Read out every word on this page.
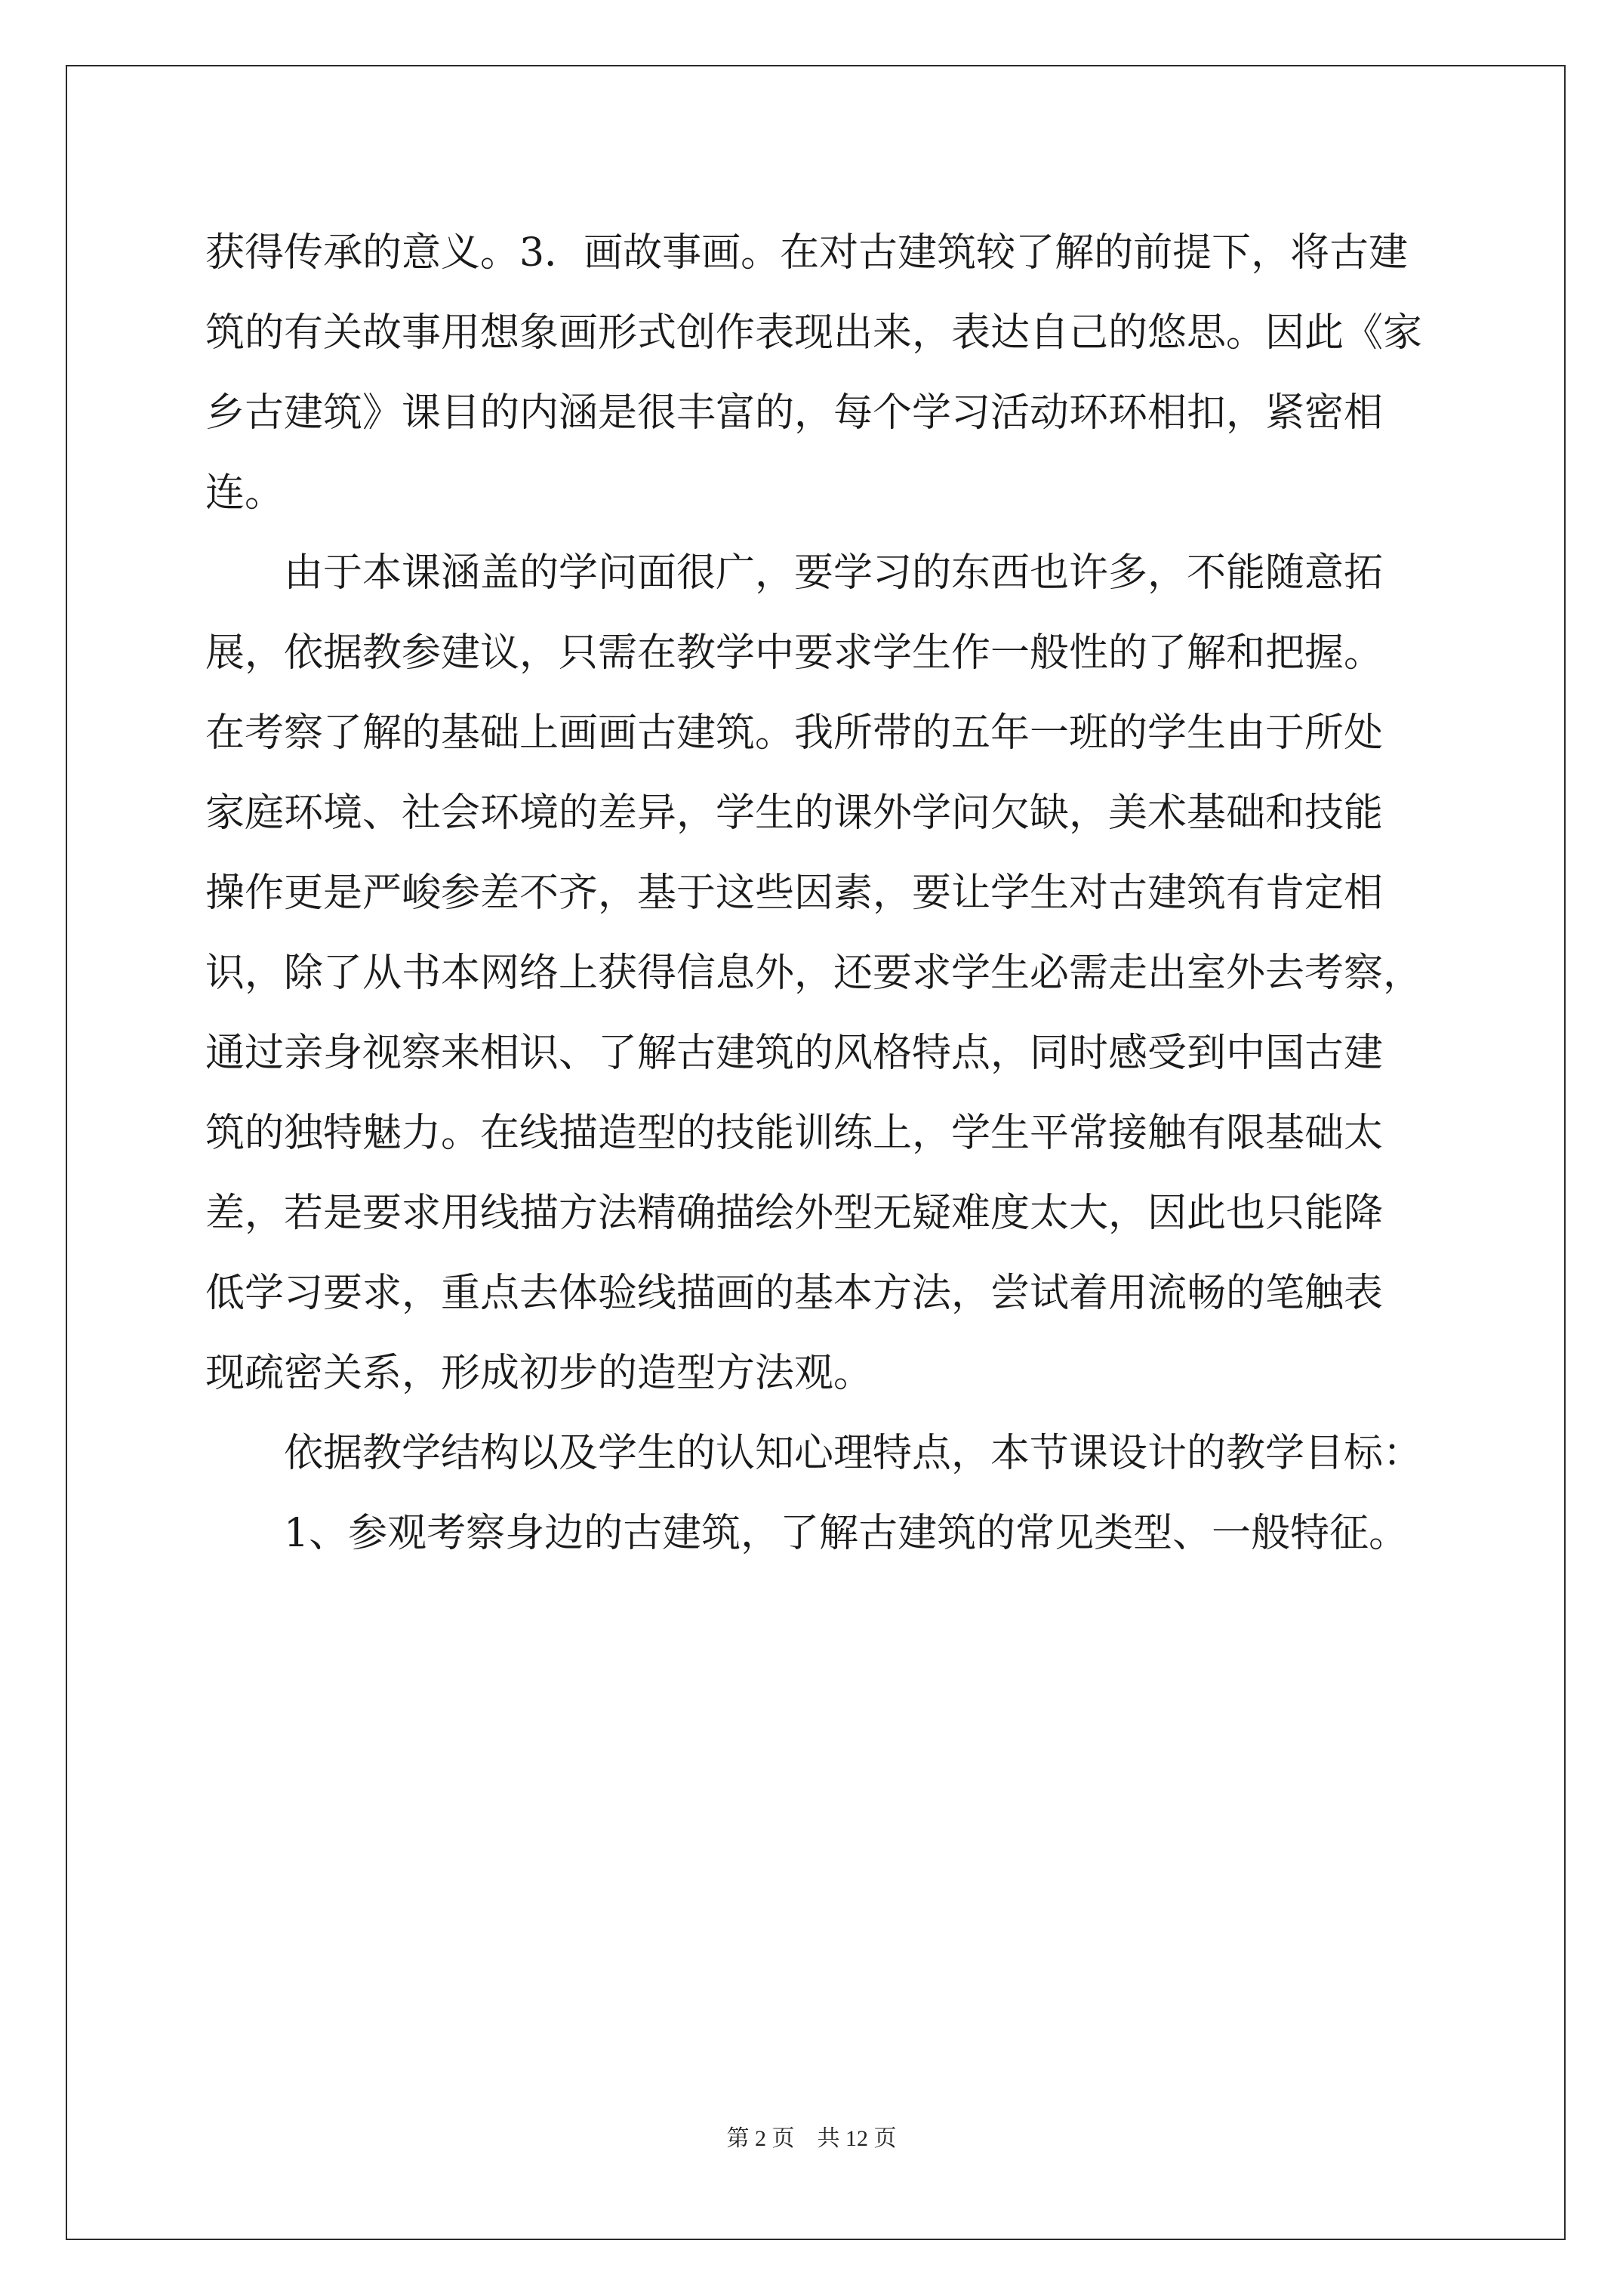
获得传承的意义。3．画故事画。在对古建筑较了解的前提下，将古建

筑的有关故事用想象画形式创作表现出来，表达自己的悠思。因此《家

乡古建筑》课目的内涵是很丰富的，每个学习活动环环相扣，紧密相

连。

　　由于本课涵盖的学问面很广，要学习的东西也许多，不能随意拓

展，依据教参建议，只需在教学中要求学生作一般性的了解和把握。

在考察了解的基础上画画古建筑。我所带的五年一班的学生由于所处

家庭环境、社会环境的差异，学生的课外学问欠缺，美术基础和技能

操作更是严峻参差不齐，基于这些因素，要让学生对古建筑有肯定相

识，除了从书本网络上获得信息外，还要求学生必需走出室外去考察，

通过亲身视察来相识、了解古建筑的风格特点，同时感受到中国古建

筑的独特魅力。在线描造型的技能训练上，学生平常接触有限基础太

差，若是要求用线描方法精确描绘外型无疑难度太大，因此也只能降

低学习要求，重点去体验线描画的基本方法，尝试着用流畅的笔触表

现疏密关系，形成初步的造型方法观。

　　依据教学结构以及学生的认知心理特点，本节课设计的教学目标：

　　1、参观考察身边的古建筑，了解古建筑的常见类型、一般特征。

第 2 页　共 12 页
